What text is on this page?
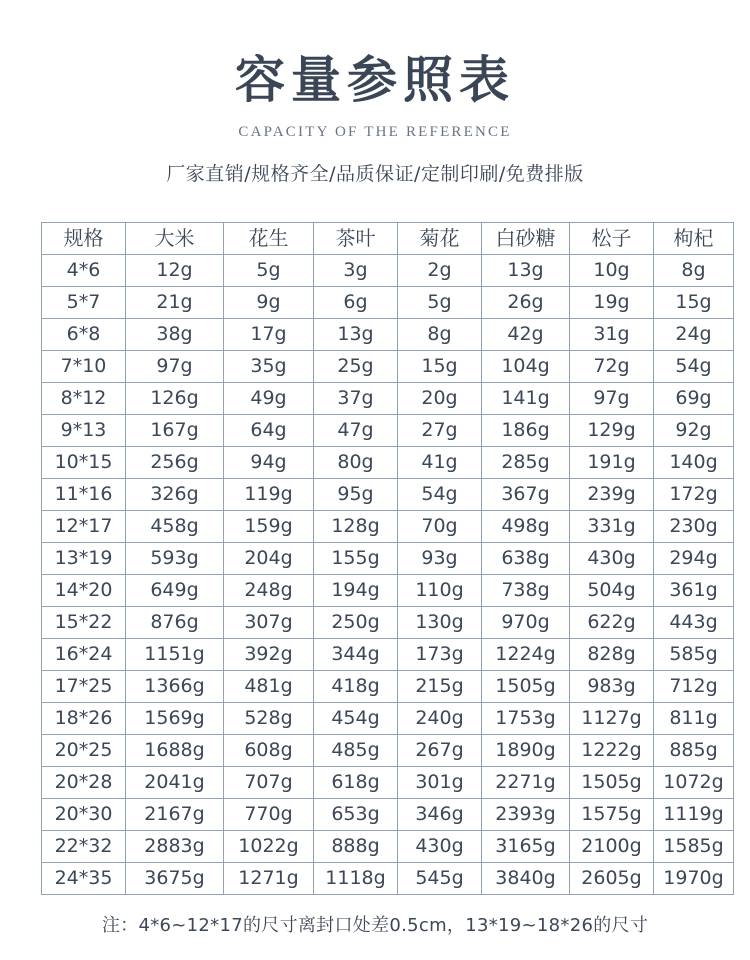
容量参照表
CAPACITY OF THE REFERENCE
厂家直销/规格齐全/品质保证/定制印刷/免费排版
规格	大米	花生	茶叶	菊花	白砂糖	松子	枸杞
4*6	12g	5g	3g	2g	13g	10g	8g
5*7	21g	9g	6g	5g	26g	19g	15g
6*8	38g	17g	13g	8g	42g	31g	24g
7*10	97g	35g	25g	15g	104g	72g	54g
8*12	126g	49g	37g	20g	141g	97g	69g
9*13	167g	64g	47g	27g	186g	129g	92g
10*15	256g	94g	80g	41g	285g	191g	140g
11*16	326g	119g	95g	54g	367g	239g	172g
12*17	458g	159g	128g	70g	498g	331g	230g
13*19	593g	204g	155g	93g	638g	430g	294g
14*20	649g	248g	194g	110g	738g	504g	361g
15*22	876g	307g	250g	130g	970g	622g	443g
16*24	1151g	392g	344g	173g	1224g	828g	585g
17*25	1366g	481g	418g	215g	1505g	983g	712g
18*26	1569g	528g	454g	240g	1753g	1127g	811g
20*25	1688g	608g	485g	267g	1890g	1222g	885g
20*28	2041g	707g	618g	301g	2271g	1505g	1072g
20*30	2167g	770g	653g	346g	2393g	1575g	1119g
22*32	2883g	1022g	888g	430g	3165g	2100g	1585g
24*35	3675g	1271g	1118g	545g	3840g	2605g	1970g
注：4*6~12*17的尺寸离封口处差0.5cm，13*19~18*26的尺寸
